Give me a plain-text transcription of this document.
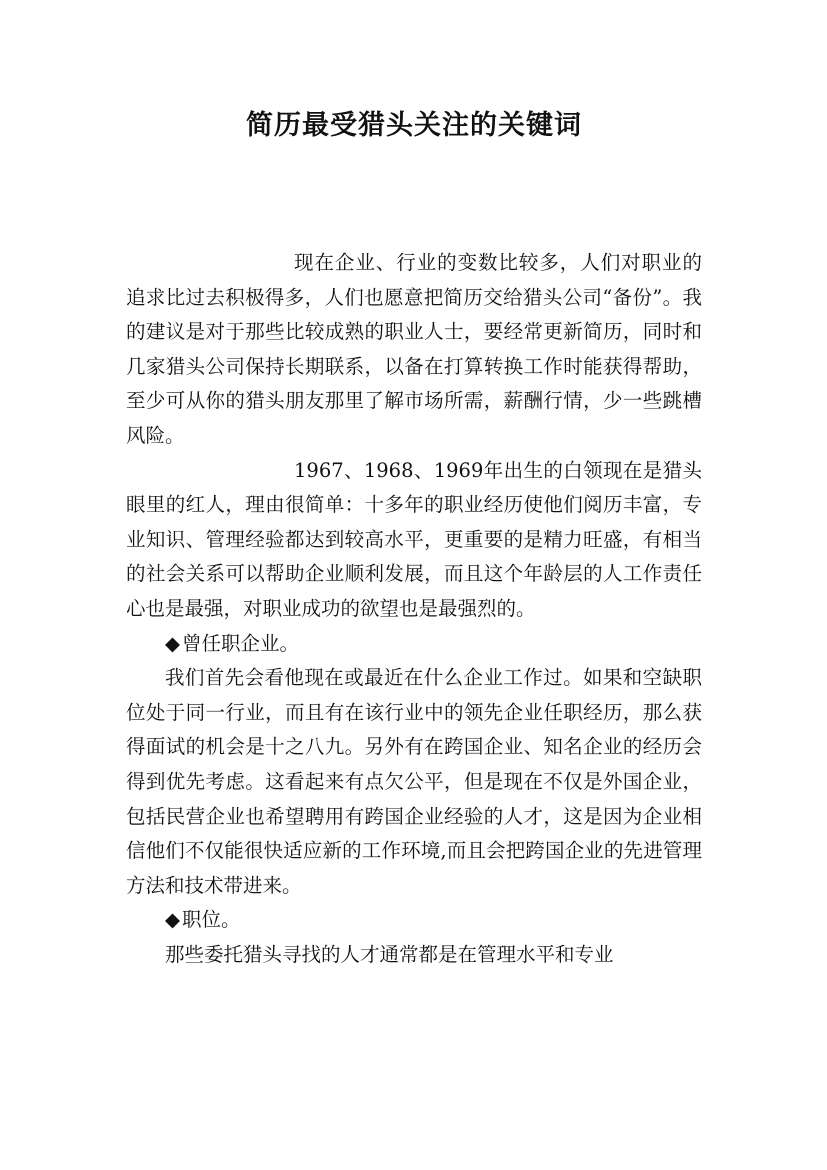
简历最受猎头关注的关键词

现在企业、行业的变数比较多，人们对职业的追求比过去积极得多，人们也愿意把简历交给猎头公司“备份”。我的建议是对于那些比较成熟的职业人士，要经常更新简历，同时和几家猎头公司保持长期联系，以备在打算转换工作时能获得帮助，至少可从你的猎头朋友那里了解市场所需，薪酬行情，少一些跳槽风险。

1967、1968、1969年出生的白领现在是猎头眼里的红人，理由很简单：十多年的职业经历使他们阅历丰富，专业知识、管理经验都达到较高水平，更重要的是精力旺盛，有相当的社会关系可以帮助企业顺利发展，而且这个年龄层的人工作责任心也是最强，对职业成功的欲望也是最强烈的。

◆ 曾任职企业。

我们首先会看他现在或最近在什么企业工作过。如果和空缺职位处于同一行业，而且有在该行业中的领先企业任职经历，那么获得面试的机会是十之八九。另外有在跨国企业、知名企业的经历会得到优先考虑。这看起来有点欠公平，但是现在不仅是外国企业，包括民营企业也希望聘用有跨国企业经验的人才，这是因为企业相信他们不仅能很快适应新的工作环境,而且会把跨国企业的先进管理方法和技术带进来。

◆ 职位。

那些委托猎头寻找的人才通常都是在管理水平和专业
